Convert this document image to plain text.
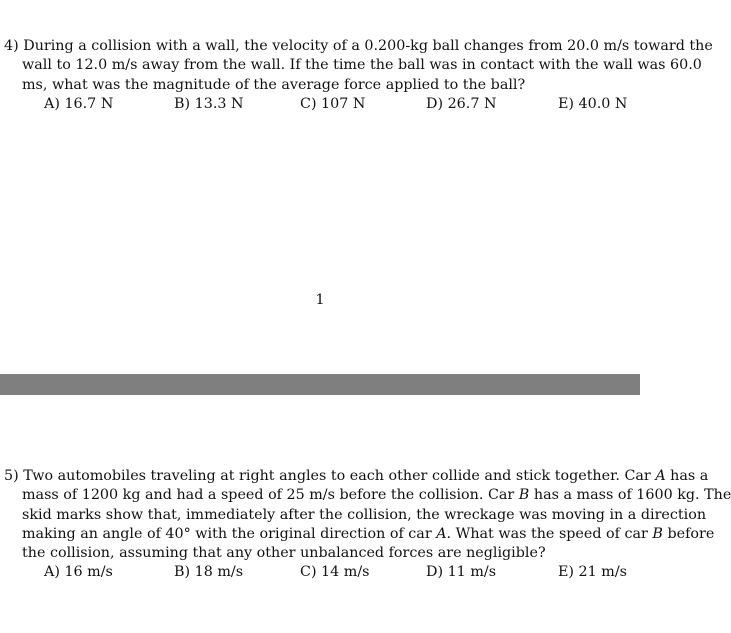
4) During a collision with a wall, the velocity of a 0.200-kg ball changes from 20.0 m/s toward the
wall to 12.0 m/s away from the wall. If the time the ball was in contact with the wall was 60.0
ms, what was the magnitude of the average force applied to the ball?
A) 16.7 N	B) 13.3 N	C) 107 N	D) 26.7 N	E) 40.0 N
1
5) Two automobiles traveling at right angles to each other collide and stick together. Car A has a
mass of 1200 kg and had a speed of 25 m/s before the collision. Car B has a mass of 1600 kg. The
skid marks show that, immediately after the collision, the wreckage was moving in a direction
making an angle of 40° with the original direction of car A. What was the speed of car B before
the collision, assuming that any other unbalanced forces are negligible?
A) 16 m/s	B) 18 m/s	C) 14 m/s	D) 11 m/s	E) 21 m/s
